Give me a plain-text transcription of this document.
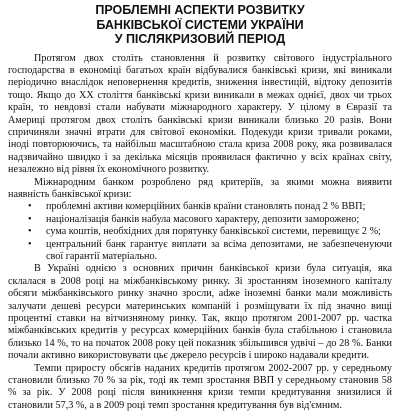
ПРОБЛЕМНІ АСПЕКТИ РОЗВИТКУ
БАНКІВСЬКОЇ СИСТЕМИ УКРАЇНИ
У ПІСЛЯКРИЗОВИЙ ПЕРІОД

Протягом двох століть становлення й розвитку світового індустріального господарства в економіці багатьох країн відбувалися банківські кризи, які виникали періодично внаслідок неповернення кредитів, зниження інвестицій, відтоку депозитів тощо. Якщо до ХХ століття банківські кризи виникали в межах однієї, двох чи трьох країн, то невдовзі стали набувати міжнародного характеру. У цілому в Євразії та Америці протягом двох століть банківські кризи виникали близько 20 разів. Вони спричиняли значні втрати для світової економіки. Подекуди кризи тривали роками, іноді повторюючись, та найбільш масштабною стала криза 2008 року, яка розвивалася надзвичайно швидко і за декілька місяців проявилася фактично у всіх країнах світу, незалежно від рівня їх економічного розвитку.

Міжнародним банком розроблено ряд критеріїв, за якими можна виявити наявність банківської кризи:

• проблемні активи комерційних банків країни становлять понад 2 % ВВП;
• націоналізація банків набула масового характеру, депозити заморожено;
• сума коштів, необхідних для порятунку банківської системи, перевищує 2 %;
• центральний банк гарантує виплати за всіма депозитами, не забезпеченуючи свої гарантії матеріально.

В Україні однією з основних причин банківської кризи була ситуація, яка склалася в 2008 році на міжбанківському ринку. Зі зростанням іноземного капіталу обсяги міжбанківського ринку значно зросли, adже іноземні банки мали можливість залучати дешеві ресурси материнських компаній і розміщувати їх під значно вищі процентні ставки на вітчизняному ринку. Так, якщо протягом 2001-2007 рр. частка міжбанківських кредитів у ресурсах комерційних банків була стабільною і становила близько 14 %, то на початок 2008 року цей показник збільшився удвічі – до 28 %. Банки почали активно використовувати цьє джерело ресурсів і широко надавали кредити.

Темпи приросту обсягів наданих кредитів протягом 2002-2007 рр. у середньому становили близько 70 % за рік, тоді як темп зростання ВВП у середньому становив 58 % за рік. У 2008 році після виникнення кризи темпи кредитування знизилися й становили 57,3 %, а в 2009 році темп зростання кредитування був від'ємним.
